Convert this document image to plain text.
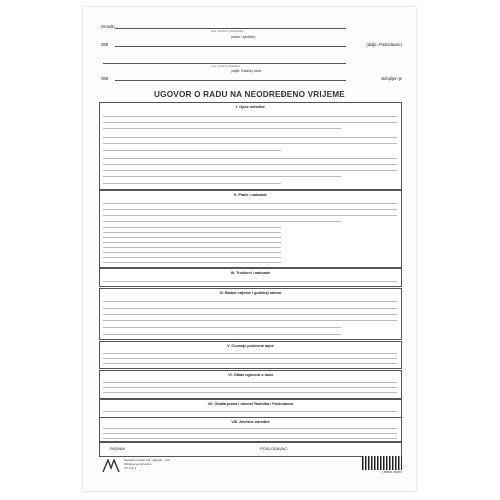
Između
(ime i prezime / poslodavca)
OIB
(naziv / sjedište)
(dalje: Poslodavac)
(ime i prezime / Radnika)
OIB
(dalje: Radnik) dana
sklopljen je
UGOVOR O RADU NA NEODREĐENO VRIJEME
I. Opće odredbe
II. Plaće i naknade
III. Troškovi i naknade
IV. Radno vrijeme i godišnji odmor
V. Čuvanje poslovne tajne
VI. Otkaz ugovora o radu
VII. Ostala prava i obveze Radnika i Poslodavca
VIII. Završne odredbe
RADNIK:	POSLODAVAC:
Narodne novine d.d., Zagreb - UrV
Obrazac je razvučen
UT-V-4-1
3 856001 056457
